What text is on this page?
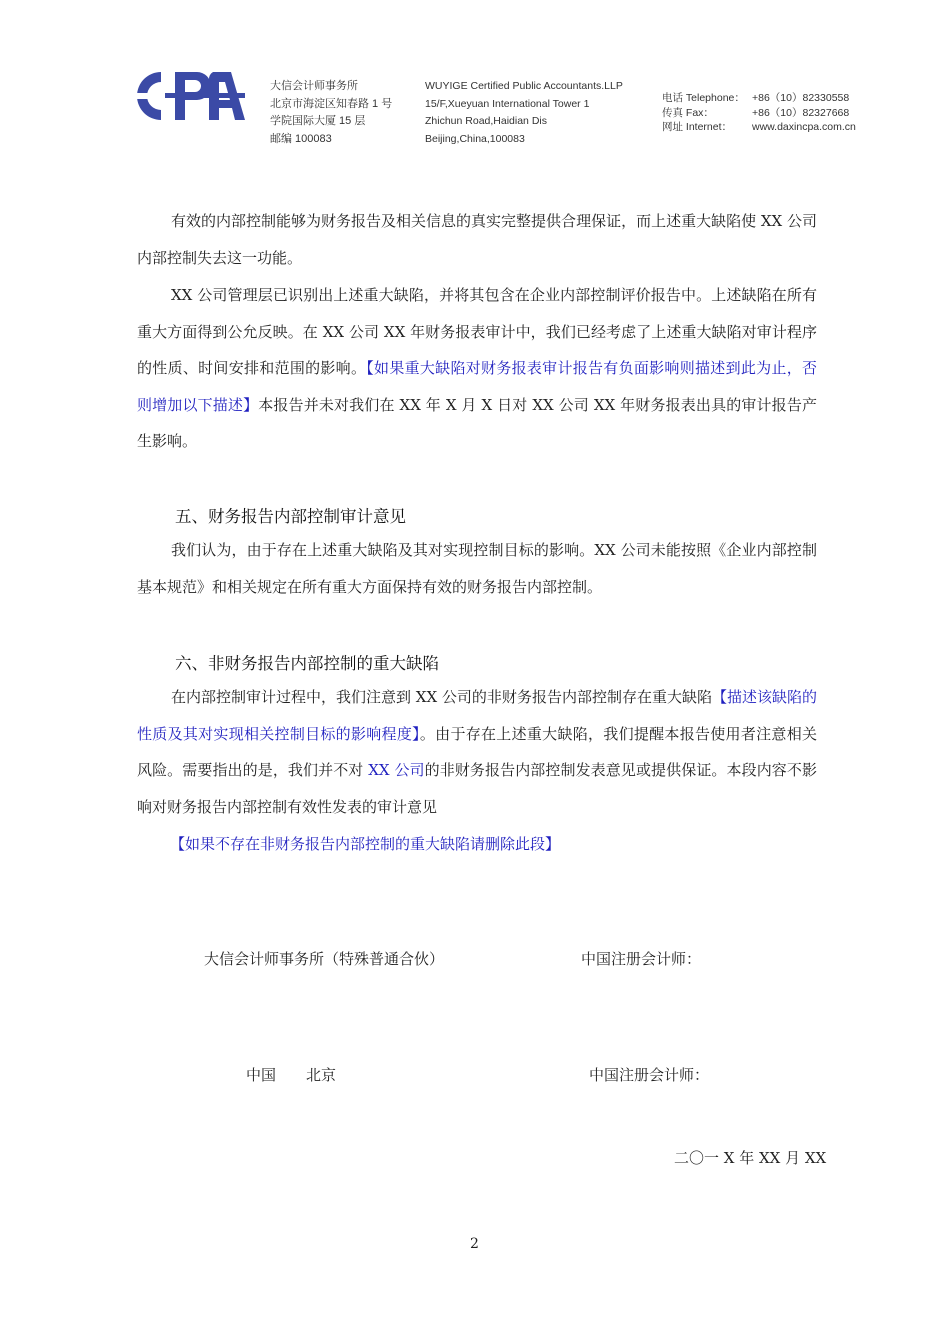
大信会计师事务所
北京市海淀区知春路 1 号
学院国际大厦 15 层
邮编 100083
WUYIGE Certified Public Accountants.LLP
15/F,Xueyuan International Tower 1
Zhichun Road,Haidian Dis
Beijing,China,100083
电话 Telephone： +86（10）82330558
传真 Fax：	+86（10）82327668
网址 Internet：	www.daxincpa.com.cn
有效的内部控制能够为财务报告及相关信息的真实完整提供合理保证，而上述重大缺陷使 XX 公司内部控制失去这一功能。
XX 公司管理层已识别出上述重大缺陷，并将其包含在企业内部控制评价报告中。上述缺陷在所有重大方面得到公允反映。在 XX 公司 XX 年财务报表审计中，我们已经考虑了上述重大缺陷对审计程序的性质、时间安排和范围的影响。【如果重大缺陷对财务报表审计报告有负面影响则描述到此为止，否则增加以下描述】本报告并未对我们在 XX 年 X 月 X 日对 XX 公司 XX 年财务报表出具的审计报告产生影响。
五、财务报告内部控制审计意见
我们认为，由于存在上述重大缺陷及其对实现控制目标的影响。XX 公司未能按照《企业内部控制基本规范》和相关规定在所有重大方面保持有效的财务报告内部控制。
六、非财务报告内部控制的重大缺陷
在内部控制审计过程中，我们注意到 XX 公司的非财务报告内部控制存在重大缺陷【描述该缺陷的性质及其对实现相关控制目标的影响程度】。由于存在上述重大缺陷，我们提醒本报告使用者注意相关风险。需要指出的是，我们并不对 XX 公司的非财务报告内部控制发表意见或提供保证。本段内容不影响对财务报告内部控制有效性发表的审计意见
【如果不存在非财务报告内部控制的重大缺陷请删除此段】
大信会计师事务所（特殊普通合伙）	中国注册会计师：
中国　　北京	中国注册会计师：
二〇一 X 年 XX 月 XX
2
